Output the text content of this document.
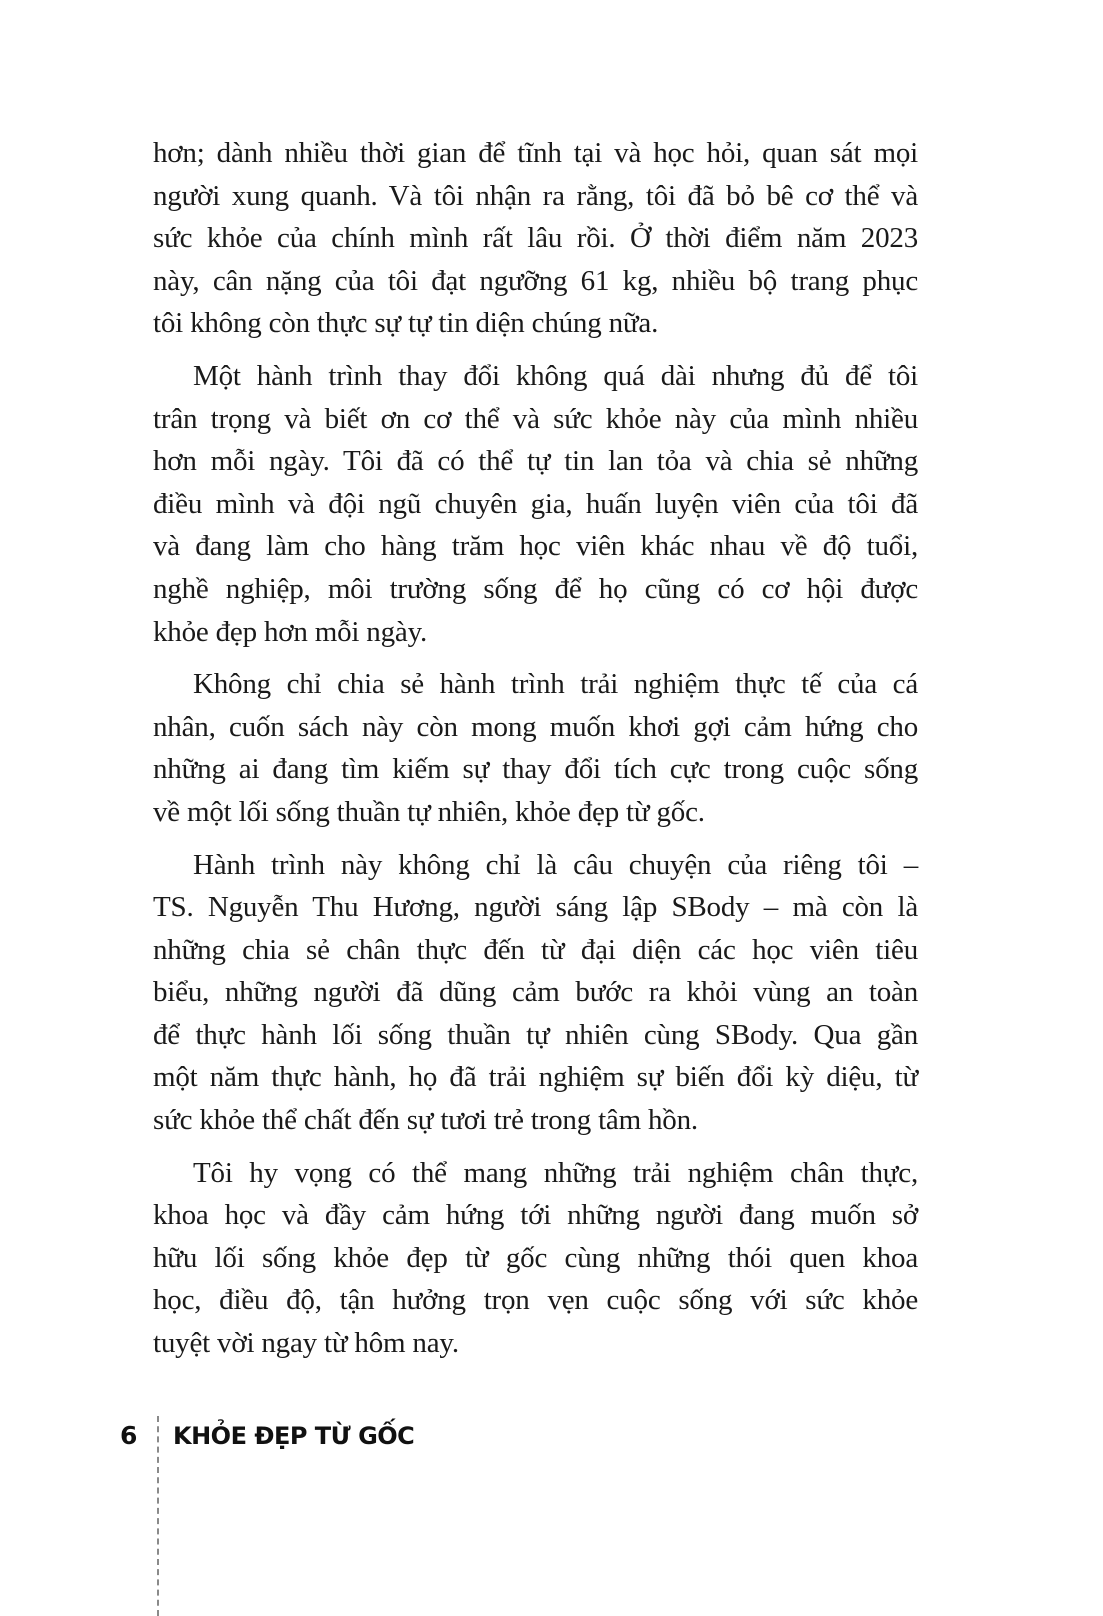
hơn; dành nhiều thời gian để tĩnh tại và học hỏi, quan sát mọi
người xung quanh. Và tôi nhận ra rằng, tôi đã bỏ bê cơ thể và
sức khỏe của chính mình rất lâu rồi. Ở thời điểm năm 2023
này, cân nặng của tôi đạt ngưỡng 61 kg, nhiều bộ trang phục
tôi không còn thực sự tự tin diện chúng nữa.

Một hành trình thay đổi không quá dài nhưng đủ để tôi
trân trọng và biết ơn cơ thể và sức khỏe này của mình nhiều
hơn mỗi ngày. Tôi đã có thể tự tin lan tỏa và chia sẻ những
điều mình và đội ngũ chuyên gia, huấn luyện viên của tôi đã
và đang làm cho hàng trăm học viên khác nhau về độ tuổi,
nghề nghiệp, môi trường sống để họ cũng có cơ hội được
khỏe đẹp hơn mỗi ngày.

Không chỉ chia sẻ hành trình trải nghiệm thực tế của cá
nhân, cuốn sách này còn mong muốn khơi gợi cảm hứng cho
những ai đang tìm kiếm sự thay đổi tích cực trong cuộc sống
về một lối sống thuần tự nhiên, khỏe đẹp từ gốc.

Hành trình này không chỉ là câu chuyện của riêng tôi –
TS. Nguyễn Thu Hương, người sáng lập SBody – mà còn là
những chia sẻ chân thực đến từ đại diện các học viên tiêu
biểu, những người đã dũng cảm bước ra khỏi vùng an toàn
để thực hành lối sống thuần tự nhiên cùng SBody. Qua gần
một năm thực hành, họ đã trải nghiệm sự biến đổi kỳ diệu, từ
sức khỏe thể chất đến sự tươi trẻ trong tâm hồn.

Tôi hy vọng có thể mang những trải nghiệm chân thực,
khoa học và đầy cảm hứng tới những người đang muốn sở
hữu lối sống khỏe đẹp từ gốc cùng những thói quen khoa
học, điều độ, tận hưởng trọn vẹn cuộc sống với sức khỏe
tuyệt vời ngay từ hôm nay.

6 KHỎE ĐẸP TỪ GỐC
